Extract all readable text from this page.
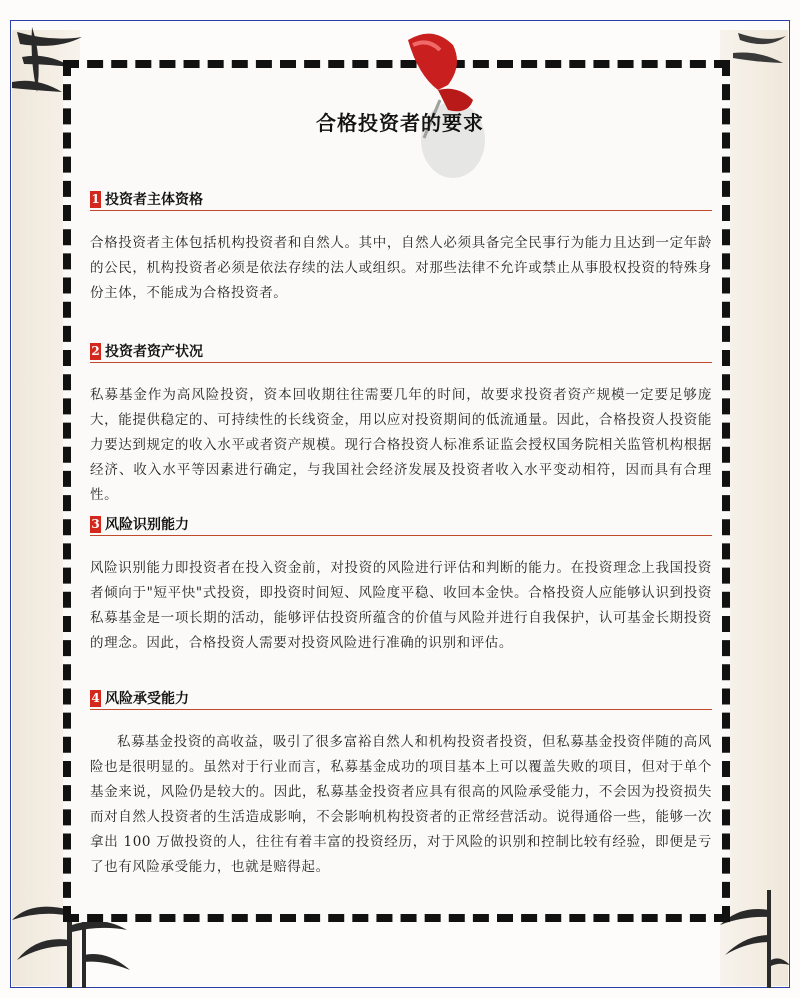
合格投资者的要求
1 投资者主体资格

合格投资者主体包括机构投资者和自然人。其中，自然人必须具备完全民事行为能力且达到一定年龄的公民，机构投资者必须是依法存续的法人或组织。对那些法律不允许或禁止从事股权投资的特殊身份主体，不能成为合格投资者。

2 投资者资产状况

私募基金作为高风险投资，资本回收期往往需要几年的时间，故要求投资者资产规模一定要足够庞大，能提供稳定的、可持续性的长线资金，用以应对投资期间的低流通量。因此，合格投资人投资能力要达到规定的收入水平或者资产规模。现行合格投资人标准系证监会授权国务院相关监管机构根据经济、收入水平等因素进行确定，与我国社会经济发展及投资者收入水平变动相符，因而具有合理性。

3 风险识别能力

风险识别能力即投资者在投入资金前，对投资的风险进行评估和判断的能力。在投资理念上我国投资者倾向于"短平快"式投资，即投资时间短、风险度平稳、收回本金快。合格投资人应能够认识到投资私募基金是一项长期的活动，能够评估投资所蕴含的价值与风险并进行自我保护，认可基金长期投资的理念。因此，合格投资人需要对投资风险进行准确的识别和评估。

4 风险承受能力

私募基金投资的高收益，吸引了很多富裕自然人和机构投资者投资，但私募基金投资伴随的高风险也是很明显的。虽然对于行业而言，私募基金成功的项目基本上可以覆盖失败的项目，但对于单个基金来说，风险仍是较大的。因此，私募基金投资者应具有很高的风险承受能力，不会因为投资损失而对自然人投资者的生活造成影响，不会影响机构投资者的正常经营活动。说得通俗一些，能够一次拿出 100 万做投资的人，往往有着丰富的投资经历，对于风险的识别和控制比较有经验，即便是亏了也有风险承受能力，也就是赔得起。
